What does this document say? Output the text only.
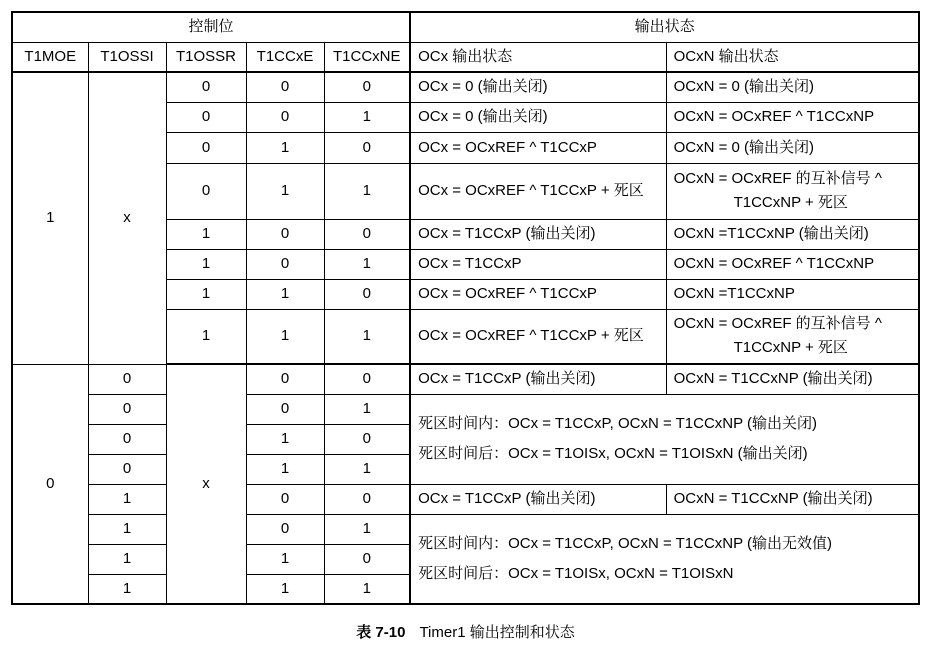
控制位					输出状态	
T1MOE	T1OSSI	T1OSSR	T1CCxE	T1CCxNE	OCx 输出状态	OCxN 输出状态
1	x	0	0	0	OCx = 0 (输出关闭)	OCxN = 0 (输出关闭)
		0	0	1	OCx = 0 (输出关闭)	OCxN = OCxREF ^ T1CCxNP
		0	1	0	OCx = OCxREF ^ T1CCxP	OCxN = 0 (输出关闭)
		0	1	1	OCx = OCxREF ^ T1CCxP + 死区	OCxN = OCxREF 的互补信号 ^
T1CCxNP + 死区

		1	0	0	OCx = T1CCxP (输出关闭)	OCxN =T1CCxNP (输出关闭)
		1	0	1	OCx = T1CCxP	OCxN = OCxREF ^ T1CCxNP
		1	1	0	OCx = OCxREF ^ T1CCxP	OCxN =T1CCxNP
		1	1	1	OCx = OCxREF ^ T1CCxP + 死区	OCxN = OCxREF 的互补信号 ^
T1CCxNP + 死区

0	0	x	0	0	OCx = T1CCxP (输出关闭)	OCxN = T1CCxNP (输出关闭)
	0		0	1	死区时间内：OCx = T1CCxP, OCxN = T1CCxNP (输出关闭)
死区时间后：OCx = T1OISx, OCxN = T1OISxN (输出关闭)	

	0		1	0		
	0		1	1		
	1		0	0	OCx = T1CCxP (输出关闭)	OCxN = T1CCxNP (输出关闭)
	1		0	1	死区时间内：OCx = T1CCxP, OCxN = T1CCxNP (输出无效值)
死区时间后：OCx = T1OISx, OCxN = T1OISxN	

	1		1	0		
	1		1	1		
表 7-10 Timer1 输出控制和状态
